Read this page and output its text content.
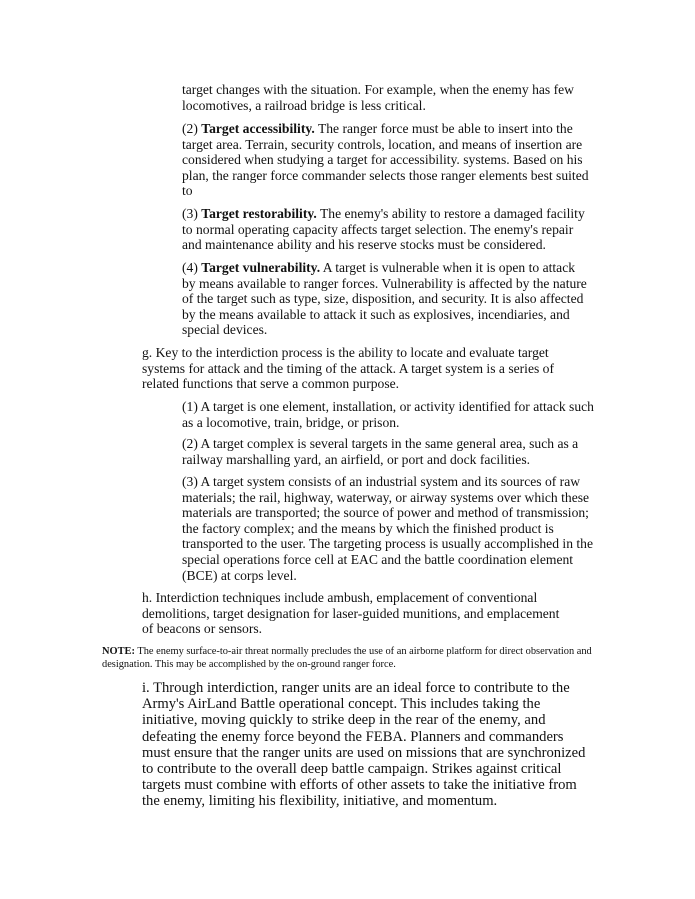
target changes with the situation. For example, when the enemy has few locomotives, a railroad bridge is less critical.

(2) Target accessibility. The ranger force must be able to insert into the target area. Terrain, security controls, location, and means of insertion are considered when studying a target for accessibility. systems. Based on his plan, the ranger force commander selects those ranger elements best suited to

(3) Target restorability. The enemy's ability to restore a damaged facility to normal operating capacity affects target selection. The enemy's repair and maintenance ability and his reserve stocks must be considered.

(4) Target vulnerability. A target is vulnerable when it is open to attack by means available to ranger forces. Vulnerability is affected by the nature of the target such as type, size, disposition, and security. It is also affected by the means available to attack it such as explosives, incendiaries, and special devices.

g. Key to the interdiction process is the ability to locate and evaluate target systems for attack and the timing of the attack. A target system is a series of related functions that serve a common purpose.

(1) A target is one element, installation, or activity identified for attack such as a locomotive, train, bridge, or prison.

(2) A target complex is several targets in the same general area, such as a railway marshalling yard, an airfield, or port and dock facilities.

(3) A target system consists of an industrial system and its sources of raw materials; the rail, highway, waterway, or airway systems over which these materials are transported; the source of power and method of transmission; the factory complex; and the means by which the finished product is transported to the user. The targeting process is usually accomplished in the special operations force cell at EAC and the battle coordination element (BCE) at corps level.

h. Interdiction techniques include ambush, emplacement of conventional demolitions, target designation for laser-guided munitions, and emplacement of beacons or sensors.

NOTE: The enemy surface-to-air threat normally precludes the use of an airborne platform for direct observation and designation. This may be accomplished by the on-ground ranger force.

i. Through interdiction, ranger units are an ideal force to contribute to the Army's AirLand Battle operational concept. This includes taking the initiative, moving quickly to strike deep in the rear of the enemy, and defeating the enemy force beyond the FEBA. Planners and commanders must ensure that the ranger units are used on missions that are synchronized to contribute to the overall deep battle campaign. Strikes against critical targets must combine with efforts of other assets to take the initiative from the enemy, limiting his flexibility, initiative, and momentum.
